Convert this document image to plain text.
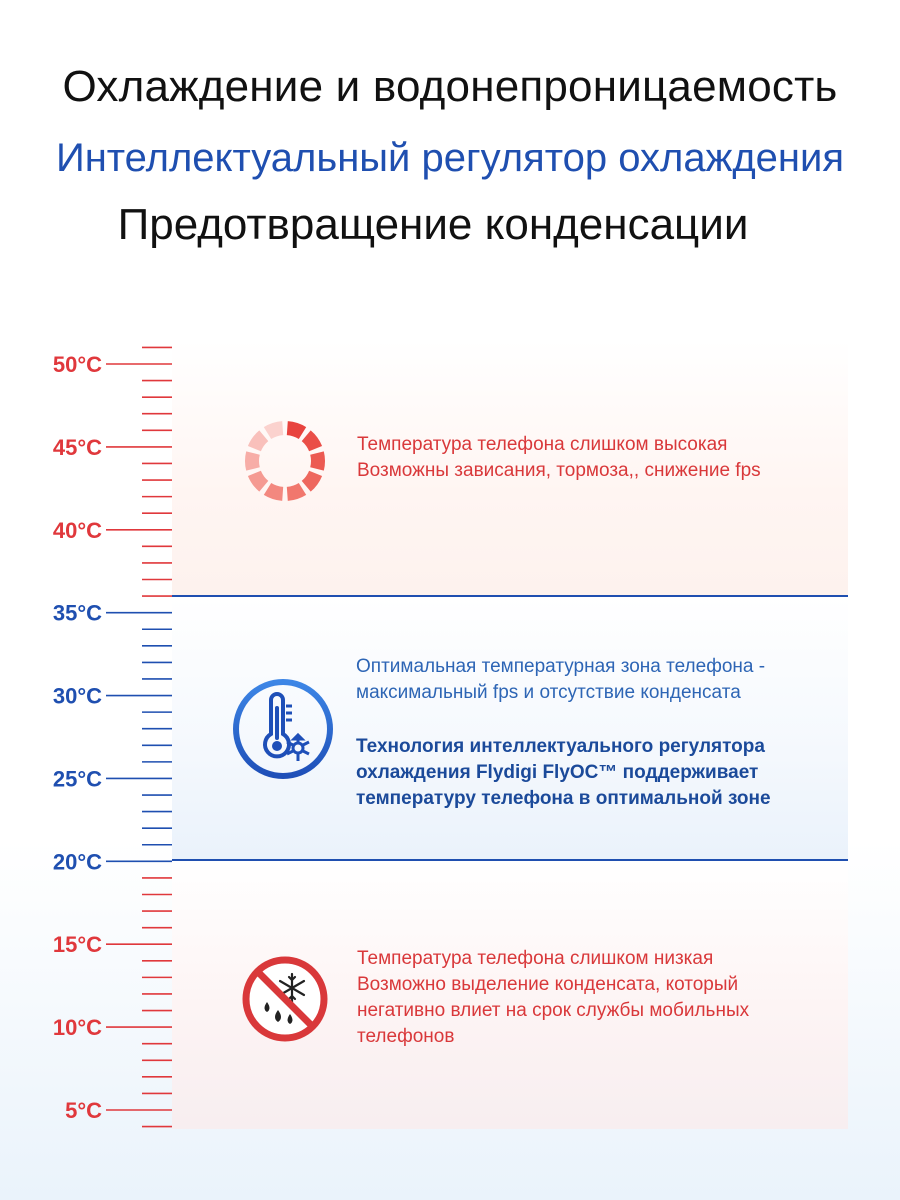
Охлаждение и водонепроницаемость
Интеллектуальный регулятор охлаждения
Предотвращение конденсации
50°C
45°C
40°C
35°C
30°C
25°C
20°C
15°C
10°C
5°C
Температура телефона слишком высокая
Возможны зависания, тормоза,, снижение fps
Оптимальная температурная зона телефона -
максимальный fps и отсутствие конденсата
Технология интеллектуального регулятора
охлаждения Flydigi FlyOC™ поддерживает
температуру телефона в оптимальной зоне
Температура телефона слишком низкая
Возможно выделение конденсата, который
негативно влиет на срок службы мобильных
телефонов
